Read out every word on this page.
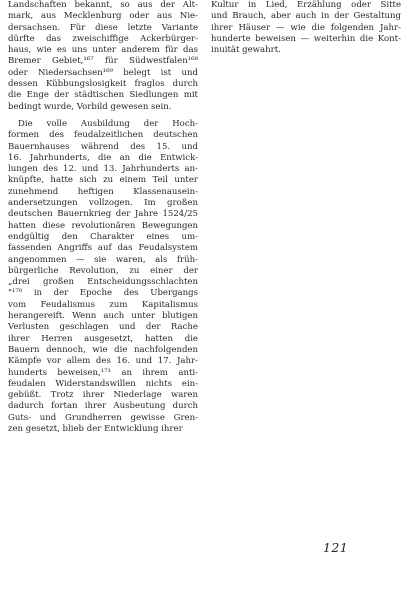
Landschaften bekannt, so aus der Alt-
mark, aus Mecklenburg oder aus Nie-
dersachsen. Für diese letzte Variante
dürfte das zweischiffige Ackerbürger-
haus, wie es uns unter anderem für das
Bremer Gebiet,¹⁶⁷ für Südwestfalen¹⁶⁸
oder Niedersachsen¹⁶⁹ belegt ist und
dessen Kübbungslosigkeit fraglos durch
die Enge der städtischen Siedlungen mit
bedingt wurde, Vorbild gewesen sein.

Die volle Ausbildung der Hoch-
formen des feudalzeitlichen deutschen
Bauernhauses während des 15. und
16. Jahrhunderts, die an die Entwick-
lungen des 12. und 13. Jahrhunderts an-
knüpfte, hatte sich zu einem Teil unter
zunehmend heftigen Klassenausein-
andersetzungen vollzogen. Im großen
deutschen Bauernkrieg der Jahre 1524/25
hatten diese revolutionären Bewegungen
endgültig den Charakter eines um-
fassenden Angriffs auf das Feudalsystem
angenommen — sie waren, als früh-
bürgerliche Revolution, zu einer der
„drei großen Entscheidungsschlachten
"¹⁷⁰ in der Epoche des Übergangs
vom Feudalismus zum Kapitalismus
herangereift. Wenn auch unter blutigen
Verlusten geschlagen und der Rache
ihrer Herren ausgesetzt, hatten die
Bauern dennoch, wie die nachfolgenden
Kämpfe vor allem des 16. und 17. Jahr-
hunderts beweisen,¹⁷¹ an ihrem anti-
feudalen Widerstandswillen nichts ein-
gebüßt. Trotz ihrer Niederlage waren
dadurch fortan ihrer Ausbeutung durch
Guts- und Grundherren gewisse Gren-
zen gesetzt, blieb der Entwicklung ihrer

Kultur in Lied, Erzählung oder Sitte
und Brauch, aber auch in der Gestaltung
ihrer Häuser — wie die folgenden Jahr-
hunderte beweisen — weiterhin die Kont-
inuität gewahrt.

121
